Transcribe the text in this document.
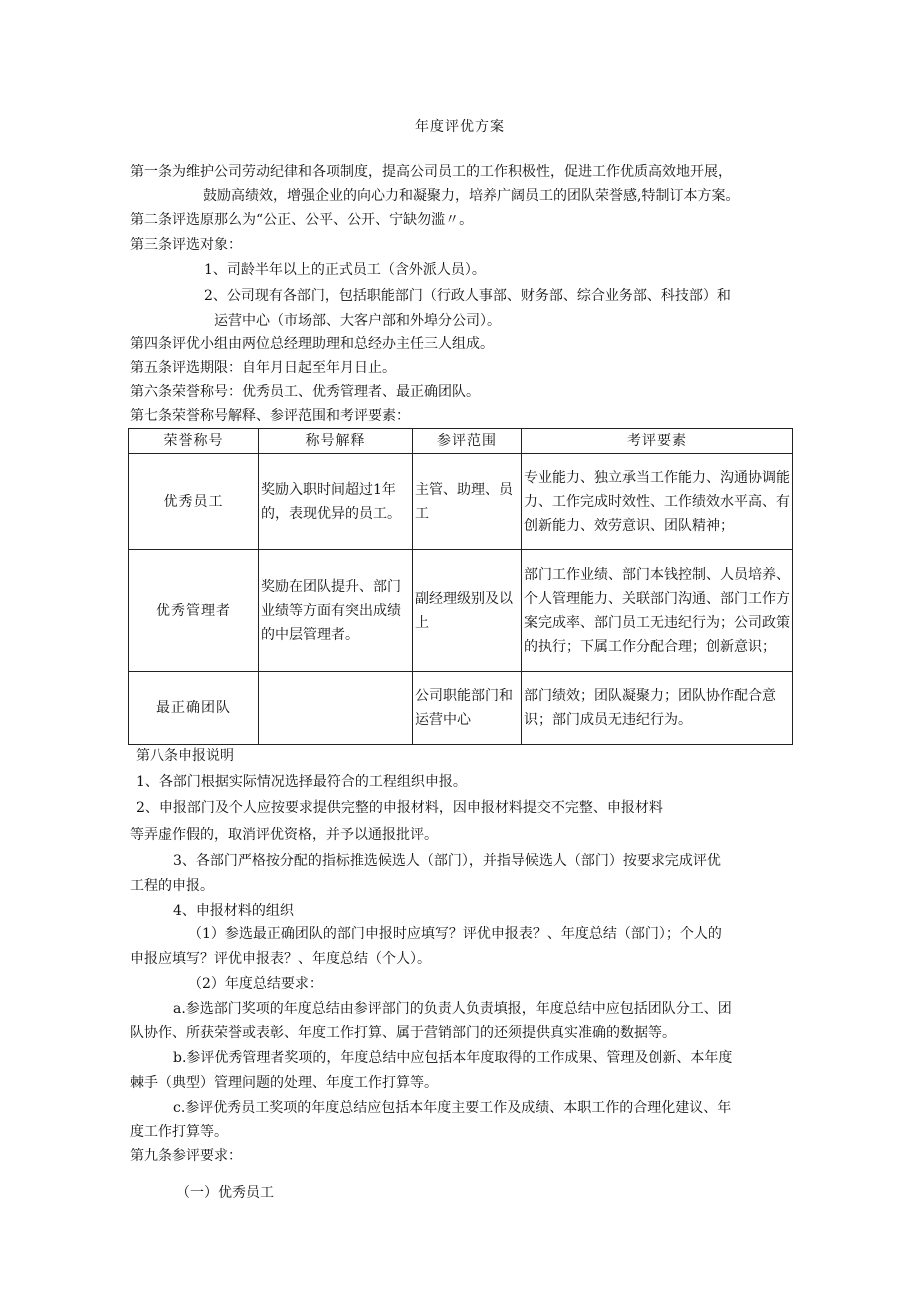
年度评优方案
第一条为维护公司劳动纪律和各项制度，提高公司员工的工作积极性，促进工作优质高效地开展，
鼓励高绩效，增强企业的向心力和凝聚力，培养广阔员工的团队荣誉感,特制订本方案。
第二条评选原那么为“公正、公平、公开、宁缺勿滥〃。
第三条评选对象：
1、司龄半年以上的正式员工（含外派人员）。
2、公司现有各部门，包括职能部门（行政人事部、财务部、综合业务部、科技部）和
运营中心（市场部、大客户部和外埠分公司）。
第四条评优小组由两位总经理助理和总经办主任三人组成。
第五条评选期限：自年月日起至年月日止。
第六条荣誉称号：优秀员工、优秀管理者、最正确团队。
第七条荣誉称号解释、参评范围和考评要素：
荣誉称号	称号解释	参评范围	考评要素
优秀员工	奖励入职时间超过1年的，表现优异的员工。	主管、助理、员工	专业能力、独立承当工作能力、沟通协调能力、工作完成时效性、工作绩效水平高、有创新能力、效劳意识、团队精神；
优秀管理者	奖励在团队提升、部门业绩等方面有突出成绩的中层管理者。	副经理级别及以上	部门工作业绩、部门本钱控制、人员培养、个人管理能力、关联部门沟通、部门工作方案完成率、部门员工无违纪行为；公司政策的执行；下属工作分配合理；创新意识；
最正确团队		公司职能部门和运营中心	部门绩效；团队凝聚力；团队协作配合意识；部门成员无违纪行为。
第八条申报说明
1、各部门根据实际情况选择最符合的工程组织申报。
2、申报部门及个人应按要求提供完整的申报材料，因申报材料提交不完整、申报材料
等弄虚作假的，取消评优资格，并予以通报批评。
3、各部门严格按分配的指标推选候选人（部门），并指导候选人（部门）按要求完成评优
工程的申报。
4、申报材料的组织
（1）参选最正确团队的部门申报时应填写？评优申报表？、年度总结（部门）；个人的
申报应填写？评优申报表？、年度总结（个人）。
（2）年度总结要求：
a.参选部门奖项的年度总结由参评部门的负责人负责填报，年度总结中应包括团队分工、团
队协作、所获荣誉或表彰、年度工作打算、属于营销部门的还须提供真实准确的数据等。
b.参评优秀管理者奖项的，年度总结中应包括本年度取得的工作成果、管理及创新、本年度
棘手（典型）管理问题的处理、年度工作打算等。
c.参评优秀员工奖项的年度总结应包括本年度主要工作及成绩、本职工作的合理化建议、年
度工作打算等。
第九条参评要求：
（一）优秀员工
